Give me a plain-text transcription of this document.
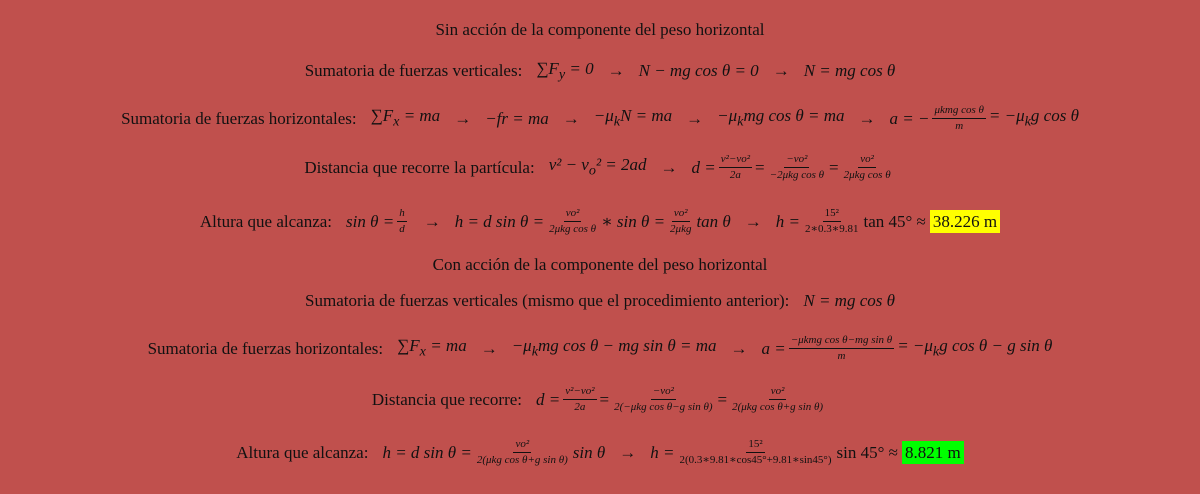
Sin acción de la componente del peso horizontal
Sumatoria de fuerzas verticales: $\sum F_y = 0 \to N$ − mg cos θ = 0 → N = mg cos θ
Sumatoria de fuerzas horizontales: $\sum F_x$ = ma → −fr = ma → $-\mu_kN$ = ma → $-\mu_kmg$ cos θ = ma → a = − $\frac{\text{μkmg cos θ}}{m} = -\mu_kg$ cos θ
Distancia que recorre la partícula: $v^2 - v_o^2 = 2ad \to d = \frac{\text{v²−vo²}}{2a} = \frac{\text{−vo²}}{\text{−2μkg cos θ}} = \frac{\text{vo²}}{\text{2μkg cos θ}}$
Altura que alcanza: $\sin \theta = \frac{h}{d} \to h = d$ $\sin \theta = \frac{\text{vo²}}{\text{2μkg cos θ}}$ ∗ $\sin \theta = \frac{\text{vo²}}{\text{2μkg}}$ $\tan \theta \to h = \frac{\text{15²}}{2∗0.3∗9.81}$ tan 45° ≈ 38.226 m
Con acción de la componente del peso horizontal
Sumatoria de fuerzas verticales (mismo que el procedimiento anterior): N = mg cos θ
Sumatoria de fuerzas horizontales: $\sum F_x$ = ma → $-\mu_kmg$ cos θ − mg sin θ = ma → $a = \frac{\text{−μkmg cos θ−mg sin θ}}{m} = -\mu_kg$ cos θ − g sin θ
Distancia que recorre: $d = \frac{\text{v²−vo²}}{2a} = \frac{\text{−vo²}}{\text{2(−μkg cos θ−g sin θ)}} = \frac{\text{vo²}}{\text{2(μkg cos θ+g sin θ)}}$
Altura que alcanza: h = d $\sin \theta = \frac{\text{vo²}}{\text{2(μkg cos θ+g sin θ)}}$ $\sin \theta \to h = \frac{\text{15²}}{2(0.3∗9.81∗\cos 45^\circ+9.81∗\sin 45^\circ)}$ sin 45° ≈ 8.821 m
